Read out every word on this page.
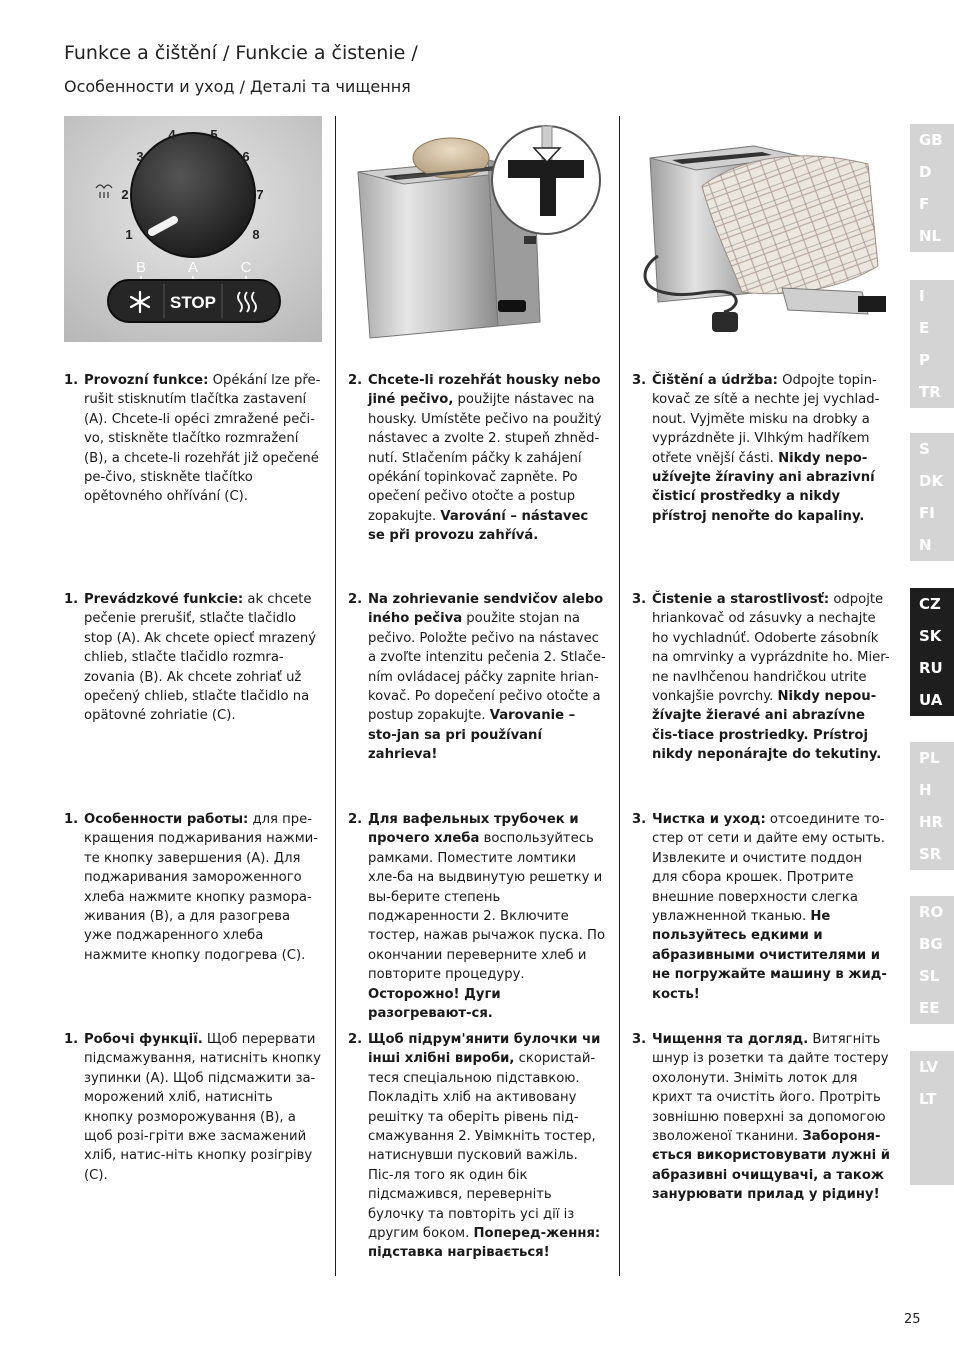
Funkce a čištění / Funkcie a čistenie /
Особенности и уход / Деталі та чищення
1
2
3
4	5
6
7
8
B	A	C
STOP
1. Provozní funkce: Opékání lze pře-rušit stisknutím tlačítka zastavení (A). Chcete-li opéci zmražené peči-vo, stiskněte tlačítko rozmražení (B), a chcete-li rozehřát již opečené pe-čivo, stiskněte tlačítko opětovného ohřívání (C).
2. Chcete-li rozehřát housky nebo jiné pečivo, použijte nástavec na housky. Umístěte pečivo na použitý nástavec a zvolte 2. stupeň zhněd-nutí. Stlačením páčky k zahájení opékání topinkovač zapněte. Po opečení pečivo otočte a postup zopakujte. Varování – nástavec se při provozu zahřívá.
3. Čištění a údržba: Odpojte topin-kovač ze sítě a nechte jej vychlad-nout. Vyjměte misku na drobky a vyprázdněte ji. Vlhkým hadříkem otřete vnější části. Nikdy nepo-užívejte žíraviny ani abrazivní čisticí prostředky a nikdy přístroj nenořte do kapaliny.
1. Prevádzkové funkcie: ak chcete pečenie prerušiť, stlačte tlačidlo stop (A). Ak chcete opiecť mrazený chlieb, stlačte tlačidlo rozmra-zovania (B). Ak chcete zohriať už opečený chlieb, stlačte tlačidlo na opätovné zohriatie (C).
2. Na zohrievanie sendvičov alebo iného pečiva použite stojan na pečivo. Položte pečivo na nástavec a zvoľte intenzitu pečenia 2. Stlače-ním ovládacej páčky zapnite hrian-kovač. Po dopečení pečivo otočte a postup zopakujte. Varovanie – sto-jan sa pri používaní zahrieva!
3. Čistenie a starostlivosť: odpojte hriankovač od zásuvky a nechajte ho vychladnúť. Odoberte zásobník na omrvinky a vyprázdnite ho. Mier-ne navlhčenou handričkou utrite vonkajšie povrchy. Nikdy nepou-žívajte žieravé ani abrazívne čis-tiace prostriedky. Prístroj nikdy neponárajte do tekutiny.
1. Особенности работы: для пре-кращения поджаривания нажми-те кнопку завершения (A). Для поджаривания замороженного хлеба нажмите кнопку размора-живания (B), а для разогрева уже поджаренного хлеба нажмите кнопку подогрева (C).
2. Для вафельных трубочек и прочего хлеба воспользуйтесь рамками. Поместите ломтики хле-ба на выдвинутую решетку и вы-берите степень поджаренности 2. Включите тостер, нажав рычажок пуска. По окончании переверните хлеб и повторите процедуру. Осторожно! Дуги разогревают-ся.
3. Чистка и уход: отсоедините то-стер от сети и дайте ему остыть. Извлеките и очистите поддон для сбора крошек. Протрите внешние поверхности слегка увлажненной тканью. Не пользуйтесь едкими и абразивными очистителями и не погружайте машину в жид-кость!
1. Робочі функції. Щоб перервати підсмажування, натисніть кнопку зупинки (A). Щоб підсмажити за-морожений хліб, натисніть кнопку розморожування (B), а щоб розі-гріти вже засмажений хліб, натис-ніть кнопку розігріву (C).
2. Щоб підрум'янити булочки чи інші хлібні вироби, скористай-теся спеціальною підставкою. Покладіть хліб на активовану решітку та оберіть рівень під-смажування 2. Увімкніть тостер, натиснувши пусковий важіль. Піс-ля того як один бік підсмажився, переверніть булочку та повторіть усі дії із другим боком. Поперед-ження: підставка нагрівається!
3. Чищення та догляд. Витягніть шнур із розетки та дайте тостеру охолонути. Зніміть лоток для крихт та очистіть його. Протріть зовнішню поверхні за допомогою зволоженої тканини. Забороня-ється використовувати лужні й абразивні очищувачі, а також занурювати прилад у рідину!
GB
D
F
NL
I
E
P
TR
S
DK
FI
N
CZ
SK
RU
UA
PL
H
HR
SR
RO
BG
SL
EE
LV
LT
25
